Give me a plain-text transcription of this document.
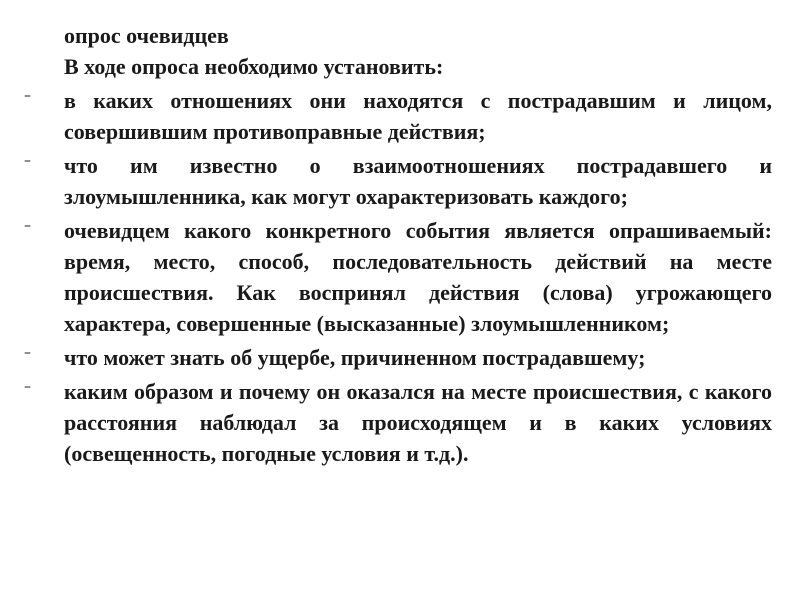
опрос очевидцев

В ходе опроса необходимо установить:

–	в каких отношениях они находятся с пострадавшим и лицом, совершившим противоправные действия;
–	что им известно о взаимоотношениях пострадавшего и злоумышленника, как могут охарактеризовать каждого;
–	очевидцем какого конкретного события является опрашиваемый: время, место, способ, последовательность действий на месте происшествия. Как воспринял действия (слова) угрожающего характера, совершенные (высказанные) злоумышленником;
–	что может знать об ущербе, причиненном пострадавшему;
–	каким образом и почему он оказался на месте происшествия, с какого расстояния наблюдал за происходящем и в каких условиях (освещенность, погодные условия и т.д.).
